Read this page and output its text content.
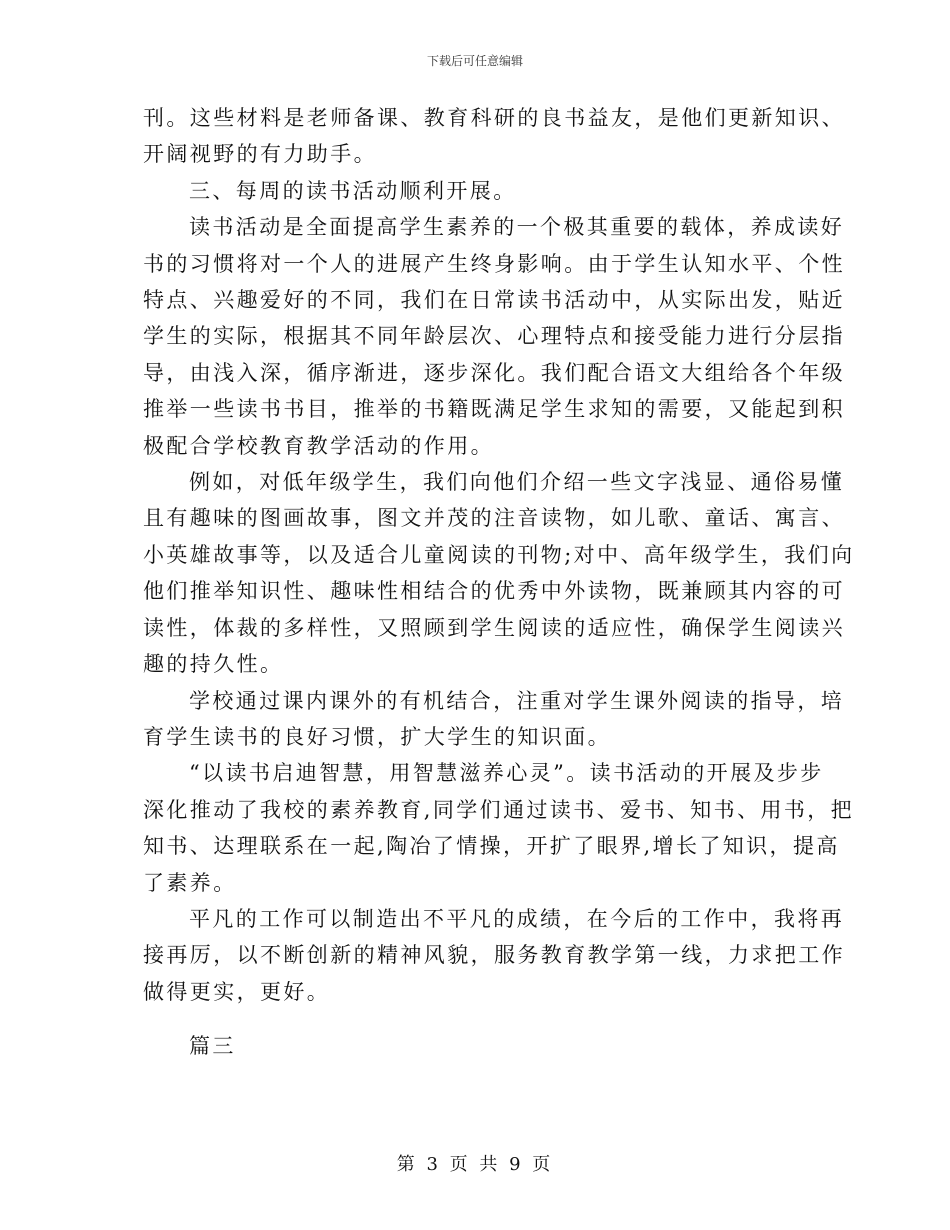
下载后可任意编辑

刊。这些材料是老师备课、教育科研的良书益友，是他们更新知识、
开阔视野的有力助手。

三、每周的读书活动顺利开展。

读书活动是全面提高学生素养的一个极其重要的载体，养成读好
书的习惯将对一个人的进展产生终身影响。由于学生认知水平、个性
特点、兴趣爱好的不同，我们在日常读书活动中，从实际出发，贴近
学生的实际，根据其不同年龄层次、心理特点和接受能力进行分层指
导，由浅入深，循序渐进，逐步深化。我们配合语文大组给各个年级
推举一些读书书目，推举的书籍既满足学生求知的需要，又能起到积
极配合学校教育教学活动的作用。

例如，对低年级学生，我们向他们介绍一些文字浅显、通俗易懂
且有趣味的图画故事，图文并茂的注音读物，如儿歌、童话、寓言、
小英雄故事等，以及适合儿童阅读的刊物;对中、高年级学生，我们向
他们推举知识性、趣味性相结合的优秀中外读物，既兼顾其内容的可
读性，体裁的多样性，又照顾到学生阅读的适应性，确保学生阅读兴
趣的持久性。

学校通过课内课外的有机结合，注重对学生课外阅读的指导，培
育学生读书的良好习惯，扩大学生的知识面。

“以读书启迪智慧，用智慧滋养心灵”。读书活动的开展及步步
深化推动了我校的素养教育,同学们通过读书、爱书、知书、用书，把
知书、达理联系在一起,陶冶了情操，开扩了眼界,增长了知识，提高
了素养。

平凡的工作可以制造出不平凡的成绩，在今后的工作中，我将再
接再厉，以不断创新的精神风貌，服务教育教学第一线，力求把工作
做得更实，更好。

篇三

第 3 页 共 9 页
